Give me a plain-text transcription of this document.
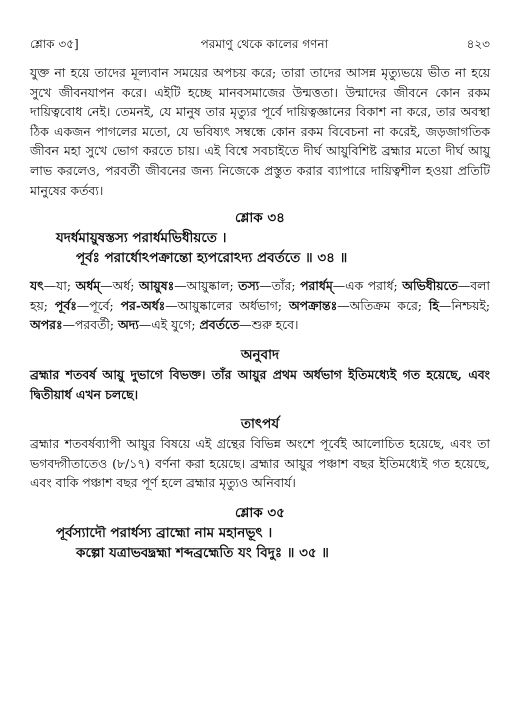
শ্লোক ৩৫]	পরমাণু থেকে কালের গণনা	৪২৩

যুক্ত না হয়ে তাদের মূল্যবান সময়ের অপচয় করে; তারা তাদের আসন্ন মৃত্যুভয়ে ভীত না হয়ে সুখে জীবনযাপন করে। এইটি হচ্ছে মানবসমাজের উন্মত্ততা। উন্মাদের জীবনে কোন রকম দায়িত্ববোধ নেই। তেমনই, যে মানুষ তার মৃত্যুর পূর্বে দায়িত্বজ্ঞানের বিকাশ না করে, তার অবস্থা ঠিক একজন পাগলের মতো, যে ভবিষ্যৎ সম্বন্ধে কোন রকম বিবেচনা না করেই, জড়জাগতিক জীবন মহা সুখে ভোগ করতে চায়। এই বিশ্বে সবচাইতে দীর্ঘ আয়ুবিশিষ্ট ব্রহ্মার মতো দীর্ঘ আয়ু লাভ করলেও, পরবর্তী জীবনের জন্য নিজেকে প্রস্তুত করার ব্যাপারে দায়িত্বশীল হওয়া প্রতিটি মানুষের কর্তব্য।

শ্লোক ৩৪

যদর্ধমায়ুষস্তস্য পরার্ধমভিধীয়তে ।

পূর্বঃ পরার্ধোঽপক্রান্তো হ্যপরোঽদ্য প্রবর্ততে ॥ ৩৪ ॥

যৎ—যা; অর্ধম্—অর্ধ; আয়ুষঃ—আয়ুষ্কাল; তস্য—তাঁর; পরার্ধম্—এক পরার্ধ; অভিধীয়তে—বলা হয়; পূর্বঃ—পূর্বে; পর-অর্ধঃ—আয়ুষ্কালের অর্ধভাগ; অপক্রান্তঃ—অতিক্রম করে; হি—নিশ্চয়ই; অপরঃ—পরবর্তী; অদ্য—এই যুগে; প্রবর্ততে—শুরু হবে।

অনুবাদ

ব্রহ্মার শতবর্ষ আয়ু দুভাগে বিভক্ত। তাঁর আয়ুর প্রথম অর্ধভাগ ইতিমধ্যেই গত হয়েছে, এবং দ্বিতীয়ার্ধ এখন চলছে।

তাৎপর্য

ব্রহ্মার শতবর্ষব্যাপী আয়ুর বিষয়ে এই গ্রন্থের বিভিন্ন অংশে পূর্বেই আলোচিত হয়েছে, এবং তা ভগবদ্গীতাতেও (৮/১৭) বর্ণনা করা হয়েছে। ব্রহ্মার আয়ুর পঞ্চাশ বছর ইতিমধ্যেই গত হয়েছে, এবং বাকি পঞ্চাশ বছর পূর্ণ হলে ব্রহ্মার মৃত্যুও অনিবার্য।

শ্লোক ৩৫

পূর্বস্যাদৌ পরার্ধস্য ব্রাহ্মো নাম মহানভূৎ ।

কল্পো যত্রাভবদ্ব্রহ্মা শব্দব্রহ্মেতি যং বিদুঃ ॥ ৩৫ ॥
